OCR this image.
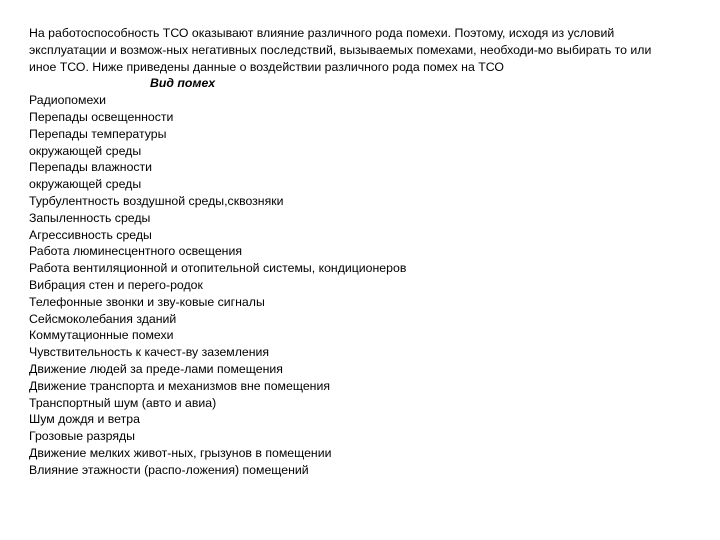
На работоспособность ТСО оказывают влияние различного рода помехи. Поэтому, исходя из условий
эксплуатации и возмож-ных негативных последствий, вызываемых помехами, необходи-мо выбирать то или
иное ТСО. Ниже приведены данные о воздействии различного рода помех на ТСО

Вид помех

Радиопомехи
Перепады освещенности
Перепады температуры
окружающей среды
Перепады влажности
окружающей среды
Турбулентность воздушной среды,сквозняки
Запыленность среды
Агрессивность среды
Работа люминесцентного освещения
Работа вентиляционной и отопительной системы, кондиционеров
Вибрация стен и перего-родок
Телефонные звонки и зву-ковые сигналы
Сейсмоколебания зданий
Коммутационные помехи
Чувствительность к качест-ву заземления
Движение людей за преде-лами помещения
Движение транспорта и механизмов вне помещения
Транспортный шум (авто и авиа)
Шум дождя и ветра
Грозовые разряды
Движение мелких живот-ных, грызунов в помещении
Влияние этажности (распо-ложения) помещений
